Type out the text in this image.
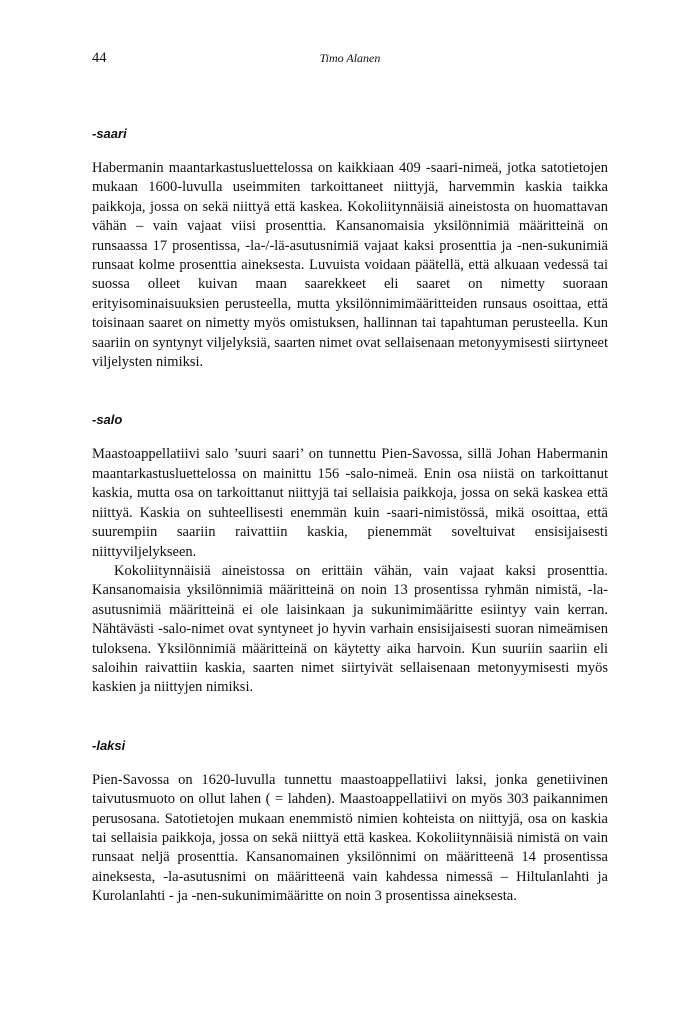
44	Timo Alanen
-saari

Habermanin maantarkastusluettelossa on kaikkiaan 409 -saari-nimeä, jotka satotietojen mukaan 1600-luvulla useimmiten tarkoittaneet niittyjä, harvemmin kaskia taikka paikkoja, jossa on sekä niittyä että kaskea. Kokoliitynnäisiä aineistosta on huomattavan vähän – vain vajaat viisi prosenttia. Kansanomaisia yksilönnimiä määritteinä on runsaassa 17 prosentissa, -la-/-lä-asutusnimiä vajaat kaksi prosenttia ja -nen-sukunimiä runsaat kolme prosenttia aineksesta. Luvuista voidaan päätellä, että alkuaan vedessä tai suossa olleet kuivan maan saarekkeet eli saaret on nimetty suoraan erityisominaisuuksien perusteella, mutta yksilönnimimääritteiden runsaus osoittaa, että toisinaan saaret on nimetty myös omistuksen, hallinnan tai tapahtuman perusteella. Kun saariin on syntynyt viljelyksiä, saarten nimet ovat sellaisenaan metonyymisesti siirtyneet viljelysten nimiksi.

-salo

Maastoappellatiivi salo ’suuri saari’ on tunnettu Pien-Savossa, sillä Johan Habermanin maantarkastusluettelossa on mainittu 156 -salo-nimeä. Enin osa niistä on tarkoittanut kaskia, mutta osa on tarkoittanut niittyjä tai sellaisia paikkoja, jossa on sekä kaskea että niittyä. Kaskia on suhteellisesti enemmän kuin -saari-nimistössä, mikä osoittaa, että suurempiin saariin raivattiin kaskia, pienemmät soveltuivat ensisijaisesti niittyviljelykseen.

Kokoliitynnäisiä aineistossa on erittäin vähän, vain vajaat kaksi prosenttia. Kansanomaisia yksilönnimiä määritteinä on noin 13 prosentissa ryhmän nimistä, -la-asutusnimiä määritteinä ei ole laisinkaan ja sukunimimääritte esiintyy vain kerran. Nähtävästi -salo-nimet ovat syntyneet jo hyvin varhain ensisijaisesti suoran nimeämisen tuloksena. Yksilönnimiä määritteinä on käytetty aika harvoin. Kun suuriin saariin eli saloihin raivattiin kaskia, saarten nimet siirtyivät sellaisenaan metonyymisesti myös kaskien ja niittyjen nimiksi.

-laksi

Pien-Savossa on 1620-luvulla tunnettu maastoappellatiivi laksi, jonka genetiivinen taivutusmuoto on ollut lahen ( = lahden). Maastoappellatiivi on myös 303 paikannimen perusosana. Satotietojen mukaan enemmistö nimien kohteista on niittyjä, osa on kaskia tai sellaisia paikkoja, jossa on sekä niittyä että kaskea. Kokoliitynnäisiä nimistä on vain runsaat neljä prosenttia. Kansanomainen yksilönnimi on määritteenä 14 prosentissa aineksesta, -la-asutusnimi on määritteenä vain kahdessa nimessä – Hiltulanlahti ja Kurolanlahti - ja -nen-sukunimimääritte on noin 3 prosentissa aineksesta.
